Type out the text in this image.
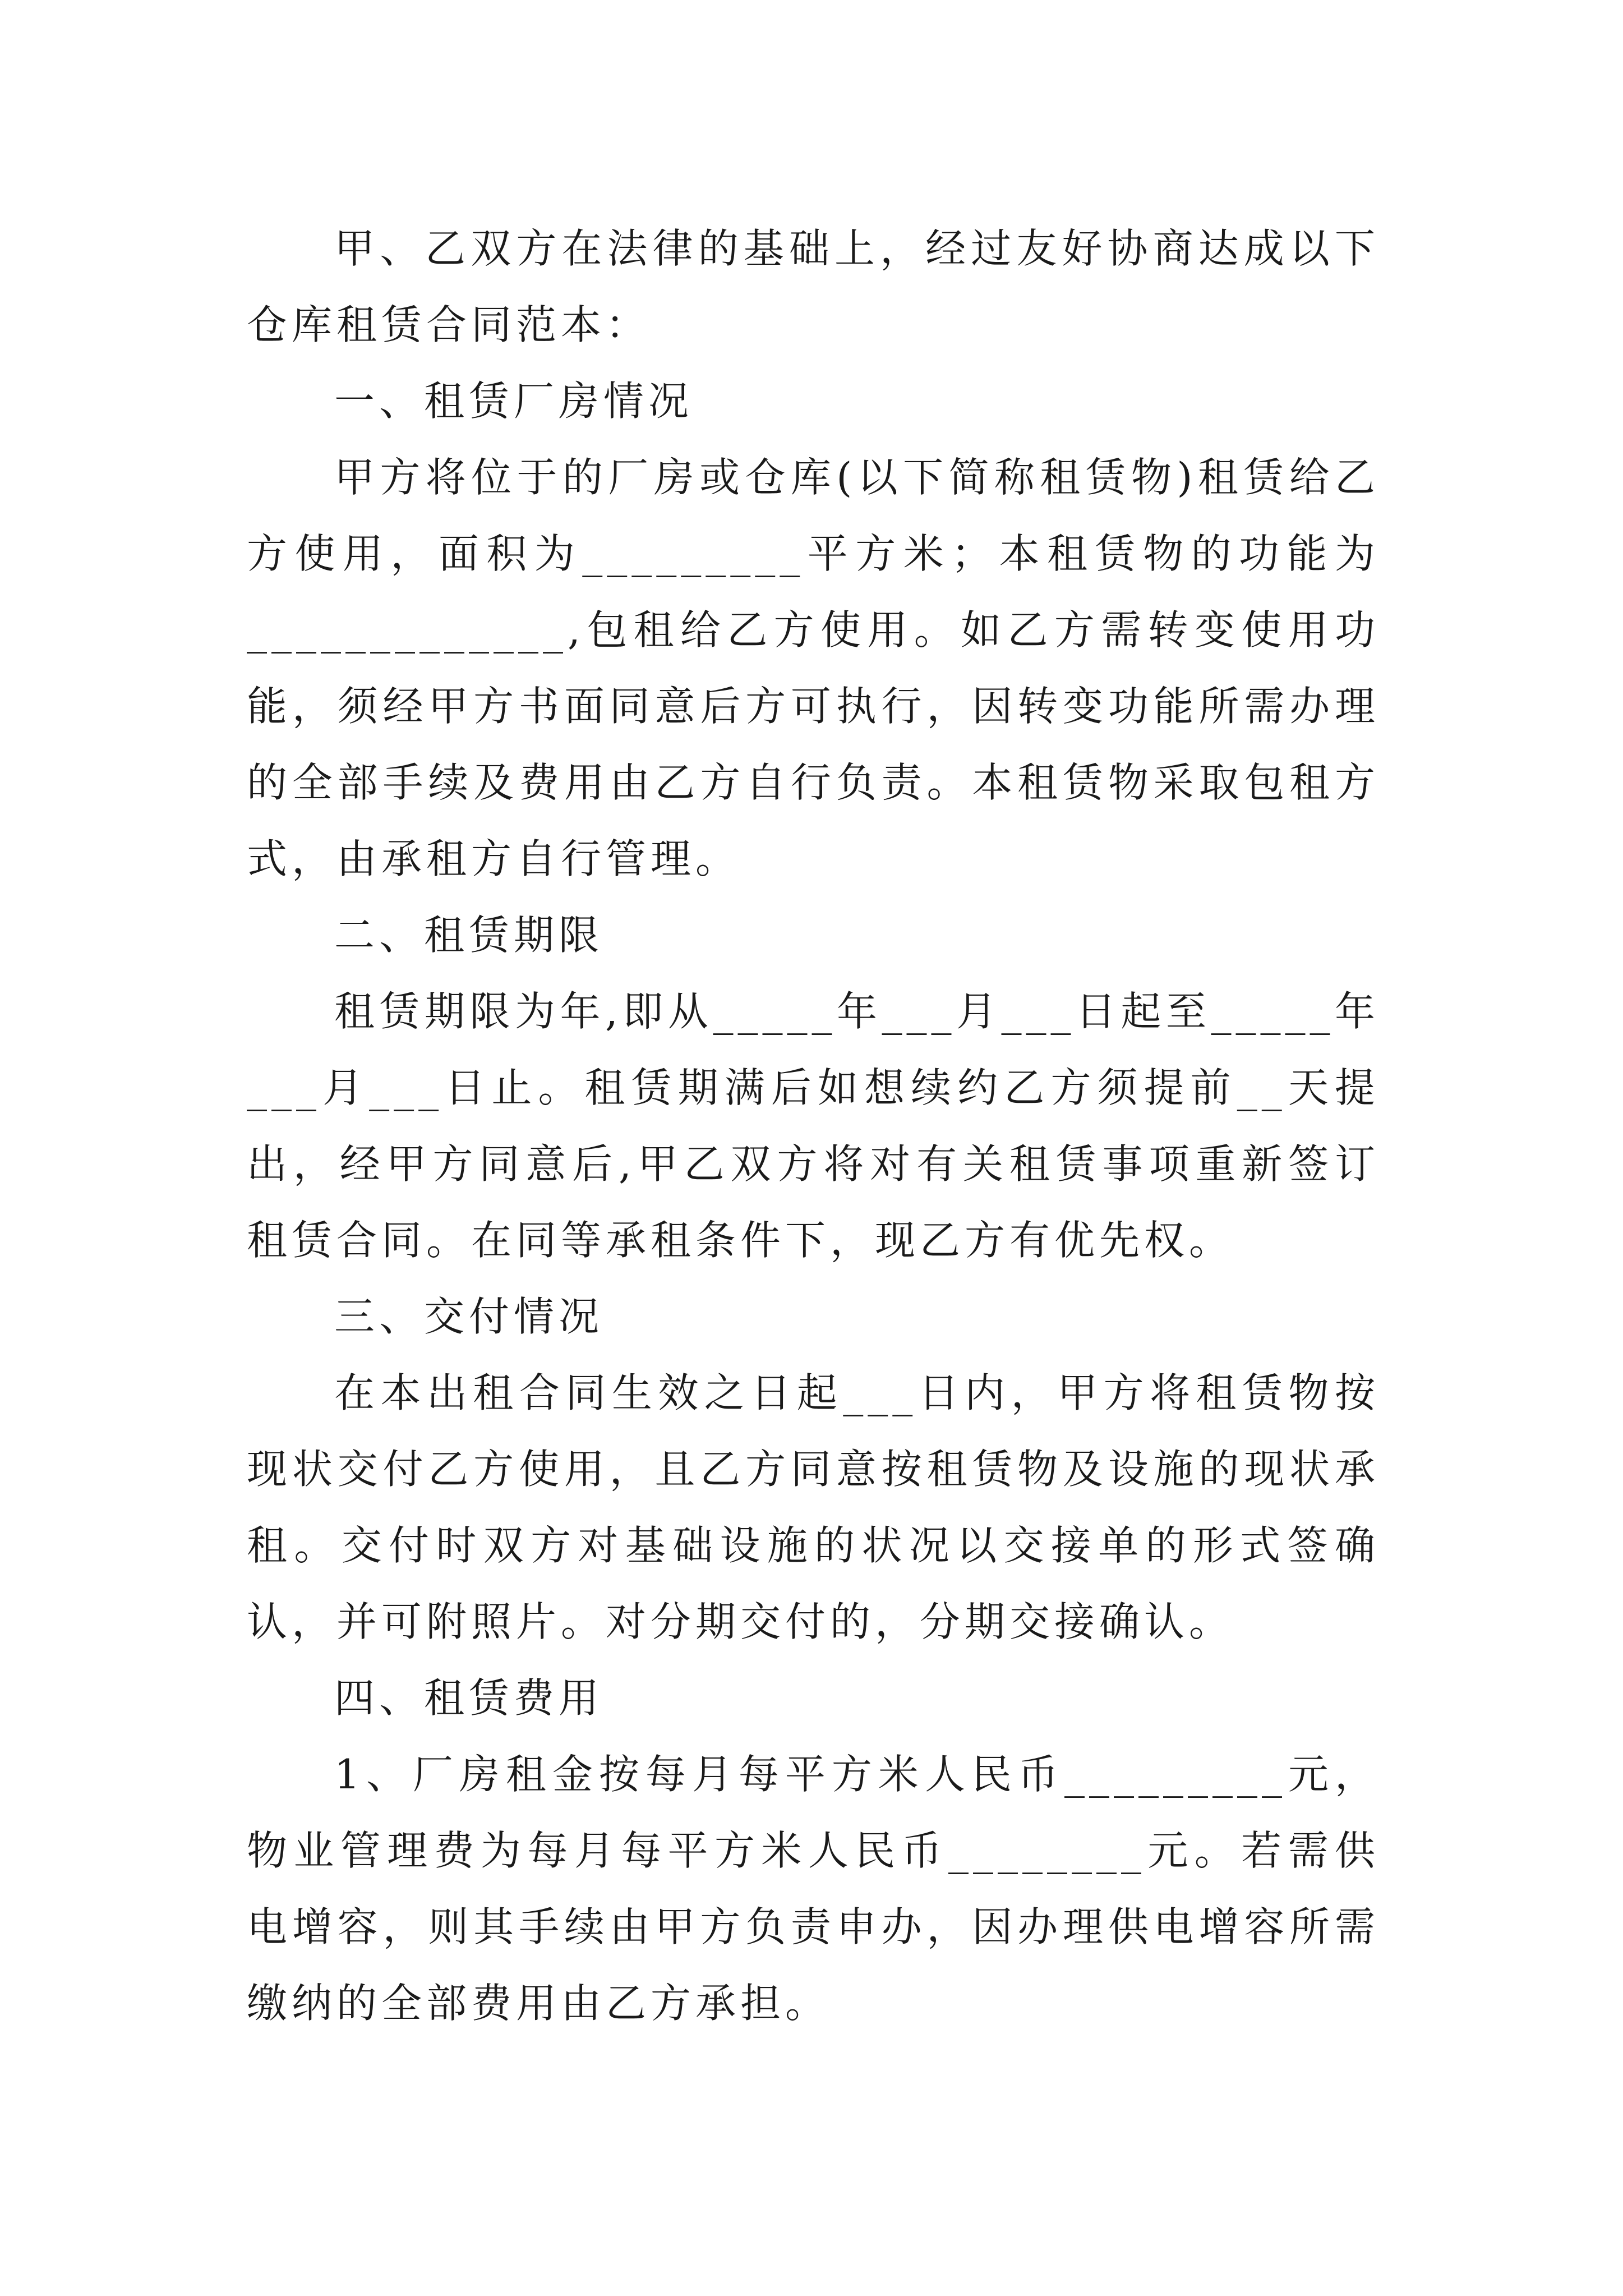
甲、乙双方在法律的基础上，经过友好协商达成以下仓库租赁合同范本：

一、租赁厂房情况

甲方将位于的厂房或仓库(以下简称租赁物)租赁给乙方使用，面积为_________平方米；本租赁物的功能为_____________,包租给乙方使用。如乙方需转变使用功能，须经甲方书面同意后方可执行，因转变功能所需办理的全部手续及费用由乙方自行负责。本租赁物采取包租方式，由承租方自行管理。

二、租赁期限

租赁期限为年,即从_____年___月___日起至_____年___月___日止。租赁期满后如想续约乙方须提前__天提出，经甲方同意后,甲乙双方将对有关租赁事项重新签订租赁合同。在同等承租条件下，现乙方有优先权。

三、交付情况

在本出租合同生效之日起___日内，甲方将租赁物按现状交付乙方使用，且乙方同意按租赁物及设施的现状承租。交付时双方对基础设施的状况以交接单的形式签确认，并可附照片。对分期交付的，分期交接确认。

四、租赁费用

1、厂房租金按每月每平方米人民币_________元，物业管理费为每月每平方米人民币________元。若需供电增容，则其手续由甲方负责申办，因办理供电增容所需缴纳的全部费用由乙方承担。
